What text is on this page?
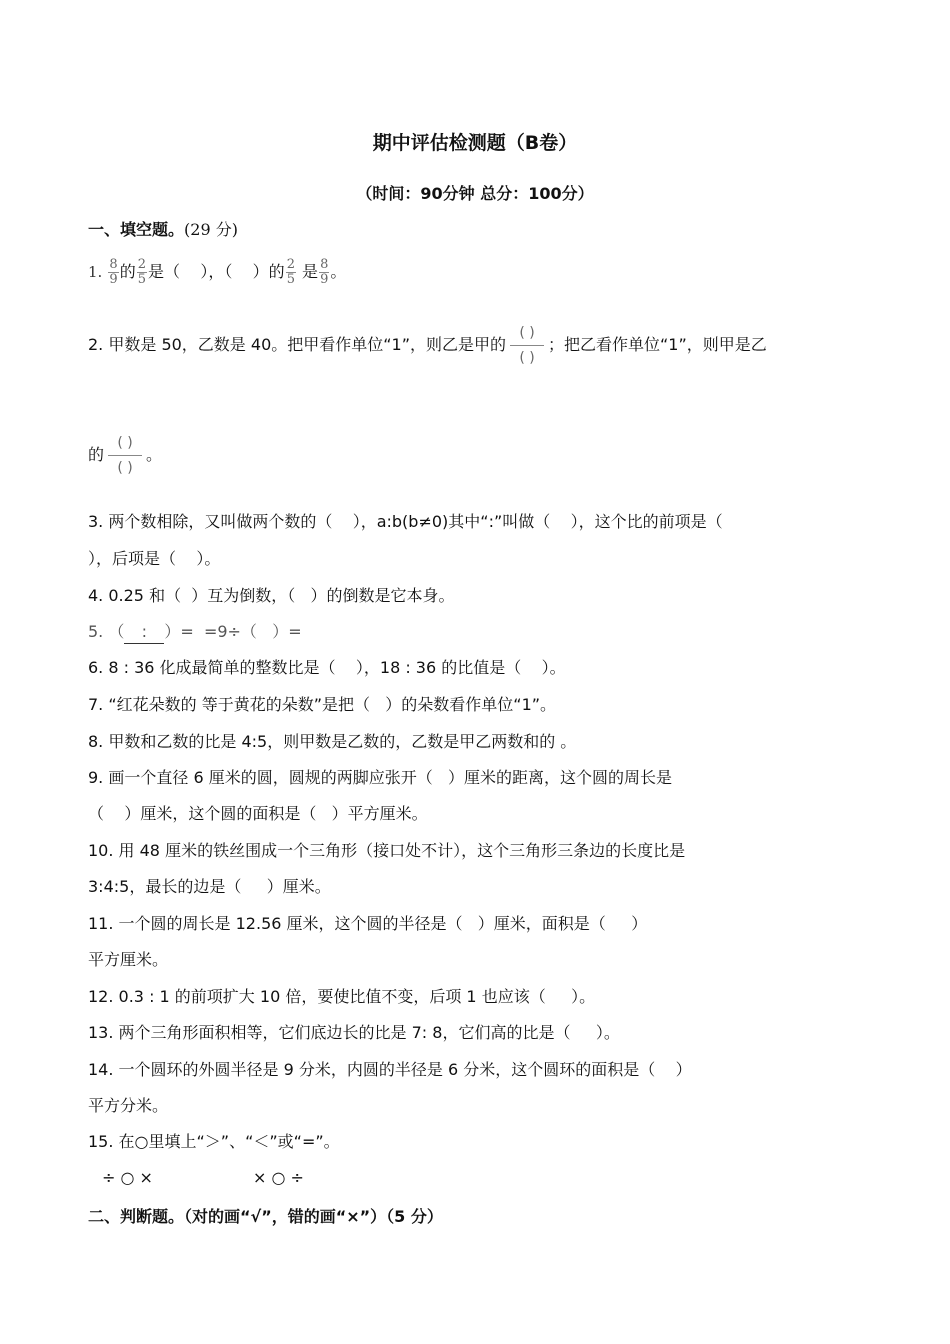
期中评估检测题（B卷）
（时间：90分钟 总分：100分）
一、填空题。(29 分)
1. $\frac{8}{9}$ 的 $\frac{2}{5}$ 是（    ），（    ）的 $\frac{2}{5}$ 是 $\frac{8}{9}$ 。
2. 甲数是 50，乙数是 40。把甲看作单位“1”，则乙是甲的
( )
( )
；把乙看作单位“1”，则甲是乙
的
( )
( )
。
3. 两个数相除，又叫做两个数的（    ），a:b(b≠0)其中“:”叫做（    ），这个比的前项是（
），后项是（    ）。
4. 0.25 和（  ）互为倒数，（   ）的倒数是它本身。
5. （:）=  =9÷（   ）=
6. 8 : 36 化成最简单的整数比是（    ），18 : 36 的比值是（    ）。
7. “红花朵数的 等于黄花的朵数”是把（   ）的朵数看作单位“1”。
8. 甲数和乙数的比是 4:5，则甲数是乙数的，乙数是甲乙两数和的 。
9. 画一个直径 6 厘米的圆，圆规的两脚应张开（   ）厘米的距离，这个圆的周长是
（    ）厘米，这个圆的面积是（   ）平方厘米。
10. 用 48 厘米的铁丝围成一个三角形（接口处不计），这个三角形三条边的长度比是
3:4:5，最长的边是（     ）厘米。
11. 一个圆的周长是 12.56 厘米，这个圆的半径是（   ）厘米，面积是（     ）
平方厘米。
12. 0.3 : 1 的前项扩大 10 倍，要使比值不变，后项 1 也应该（     ）。
13. 两个三角形面积相等，它们底边长的比是 7: 8，它们高的比是（     ）。
14. 一个圆环的外圆半径是 9 分米，内圆的半径是 6 分米，这个圆环的面积是（    ）
平方分米。
15. 在○里填上“＞”、“＜”或“=”。
÷ ○ ×	× ○ ÷
二、判断题。（对的画“√”，错的画“×”）（5 分）
